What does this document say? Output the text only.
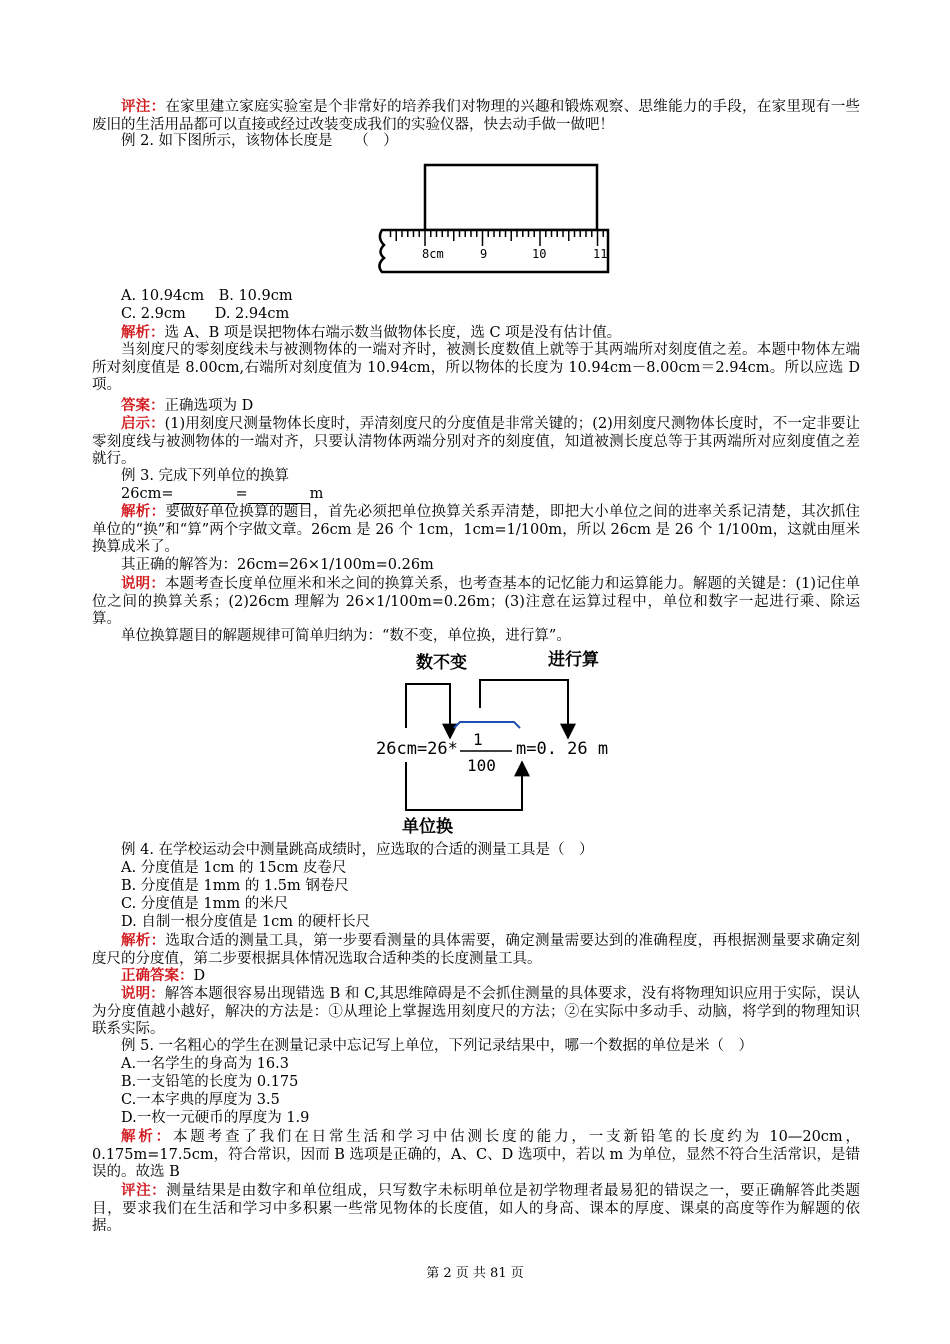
评注：在家里建立家庭实验室是个非常好的培养我们对物理的兴趣和锻炼观察、思维能力的手段，在家里现有一些废旧的生活用品都可以直接或经过改装变成我们的实验仪器，快去动手做一做吧！
例 2. 如下图所示，该物体长度是　　（　）
8cm	9	10	11
A. 10.94cm　B. 10.9cm
C. 2.9cm　　D. 2.94cm
解析：选 A、B 项是误把物体右端示数当做物体长度，选 C 项是没有估计值。
当刻度尺的零刻度线未与被测物体的一端对齐时，被测长度数值上就等于其两端所对刻度值之差。本题中物体左端所对刻度值是 8.00cm,右端所对刻度值为 10.94cm，所以物体的长度为 10.94cm－8.00cm＝2.94cm。所以应选 D 项。
答案：正确选项为 D
启示：(1)用刻度尺测量物体长度时，弄清刻度尺的分度值是非常关键的；(2)用刻度尺测物体长度时，不一定非要让零刻度线与被测物体的一端对齐，只要认清物体两端分别对齐的刻度值，知道被测长度总等于其两端所对应刻度值之差就行。
例 3. 完成下列单位的换算
26cm=	=	m
解析：要做好单位换算的题目，首先必须把单位换算关系弄清楚，即把大小单位之间的进率关系记清楚，其次抓住单位的“换”和“算”两个字做文章。26cm 是 26 个 1cm，1cm=1/100m，所以 26cm 是 26 个 1/100m，这就由厘米换算成米了。
其正确的解答为：26cm=26×1/100m=0.26m
说明：本题考查长度单位厘米和米之间的换算关系，也考查基本的记忆能力和运算能力。解题的关键是：(1)记住单位之间的换算关系；(2)26cm 理解为 26×1/100m=0.26m；(3)注意在运算过程中，单位和数字一起进行乘、除运算。
单位换算题目的解题规律可简单归纳为：“数不变，单位换，进行算”。
数不变	进行算
26cm=26* 1
100
m=0. 26 m
单位换
例 4. 在学校运动会中测量跳高成绩时，应选取的合适的测量工具是（　）
A. 分度值是 1cm 的 15cm 皮卷尺
B. 分度值是 1mm 的 1.5m 钢卷尺
C. 分度值是 1mm 的米尺
D. 自制一根分度值是 1cm 的硬杆长尺
解析：选取合适的测量工具，第一步要看测量的具体需要，确定测量需要达到的准确程度，再根据测量要求确定刻度尺的分度值，第二步要根据具体情况选取合适种类的长度测量工具。
正确答案：D
说明：解答本题很容易出现错选 B 和 C,其思维障碍是不会抓住测量的具体要求，没有将物理知识应用于实际，误认为分度值越小越好，解决的方法是：①从理论上掌握选用刻度尺的方法；②在实际中多动手、动脑，将学到的物理知识联系实际。
例 5. 一名粗心的学生在测量记录中忘记写上单位，下列记录结果中，哪一个数据的单位是米（　）
A.一名学生的身高为 16.3
B.一支铅笔的长度为 0.175
C.一本字典的厚度为 3.5
D.一枚一元硬币的厚度为 1.9
解析：本题考查了我们在日常生活和学习中估测长度的能力，一支新铅笔的长度约为 10—20cm，0.175m=17.5cm，符合常识，因而 B 选项是正确的，A、C、D 选项中，若以 m 为单位，显然不符合生活常识，是错误的。故选 B
评注：测量结果是由数字和单位组成，只写数字未标明单位是初学物理者最易犯的错误之一，要正确解答此类题目，要求我们在生活和学习中多积累一些常见物体的长度值，如人的身高、课本的厚度、课桌的高度等作为解题的依据。
第 2 页 共 81 页
